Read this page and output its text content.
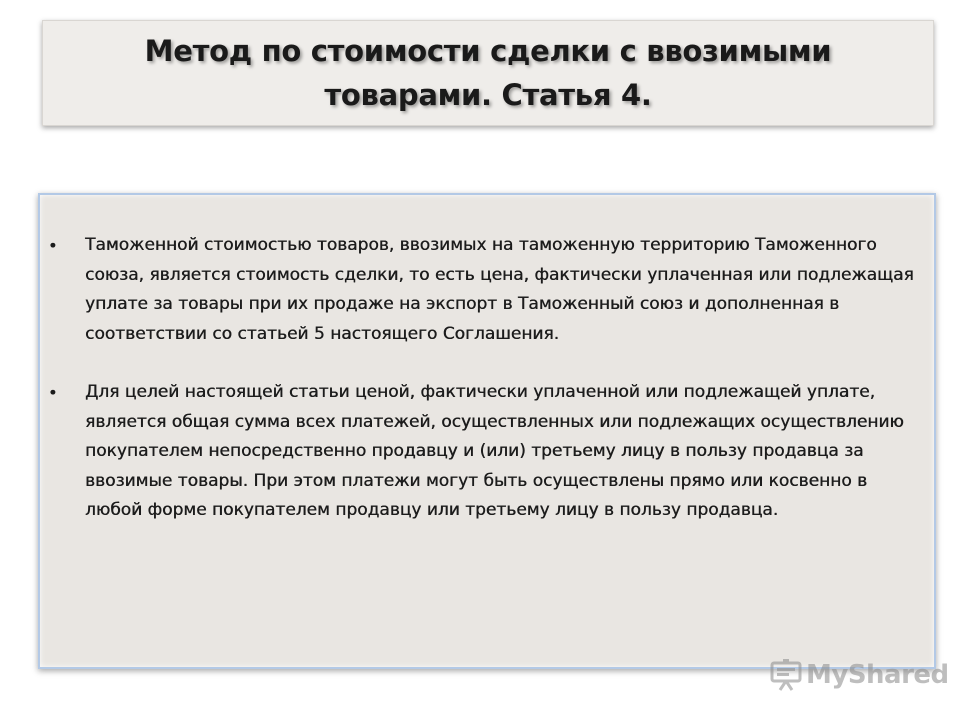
Метод по стоимости сделки с ввозимыми
товарами. Статья 4.
• Таможенной стоимостью товаров, ввозимых на таможенную территорию Таможенного союза, является стоимость сделки, то есть цена, фактически уплаченная или подлежащая уплате за товары при их продаже на экспорт в Таможенный союз и дополненная в соответствии со статьей 5 настоящего Соглашения.
• Для целей настоящей статьи ценой, фактически уплаченной или подлежащей уплате, является общая сумма всех платежей, осуществленных или подлежащих осуществлению покупателем непосредственно продавцу и (или) третьему лицу в пользу продавца за ввозимые товары. При этом платежи могут быть осуществлены прямо или косвенно в любой форме покупателем продавцу или третьему лицу в пользу продавца.
MyShared
